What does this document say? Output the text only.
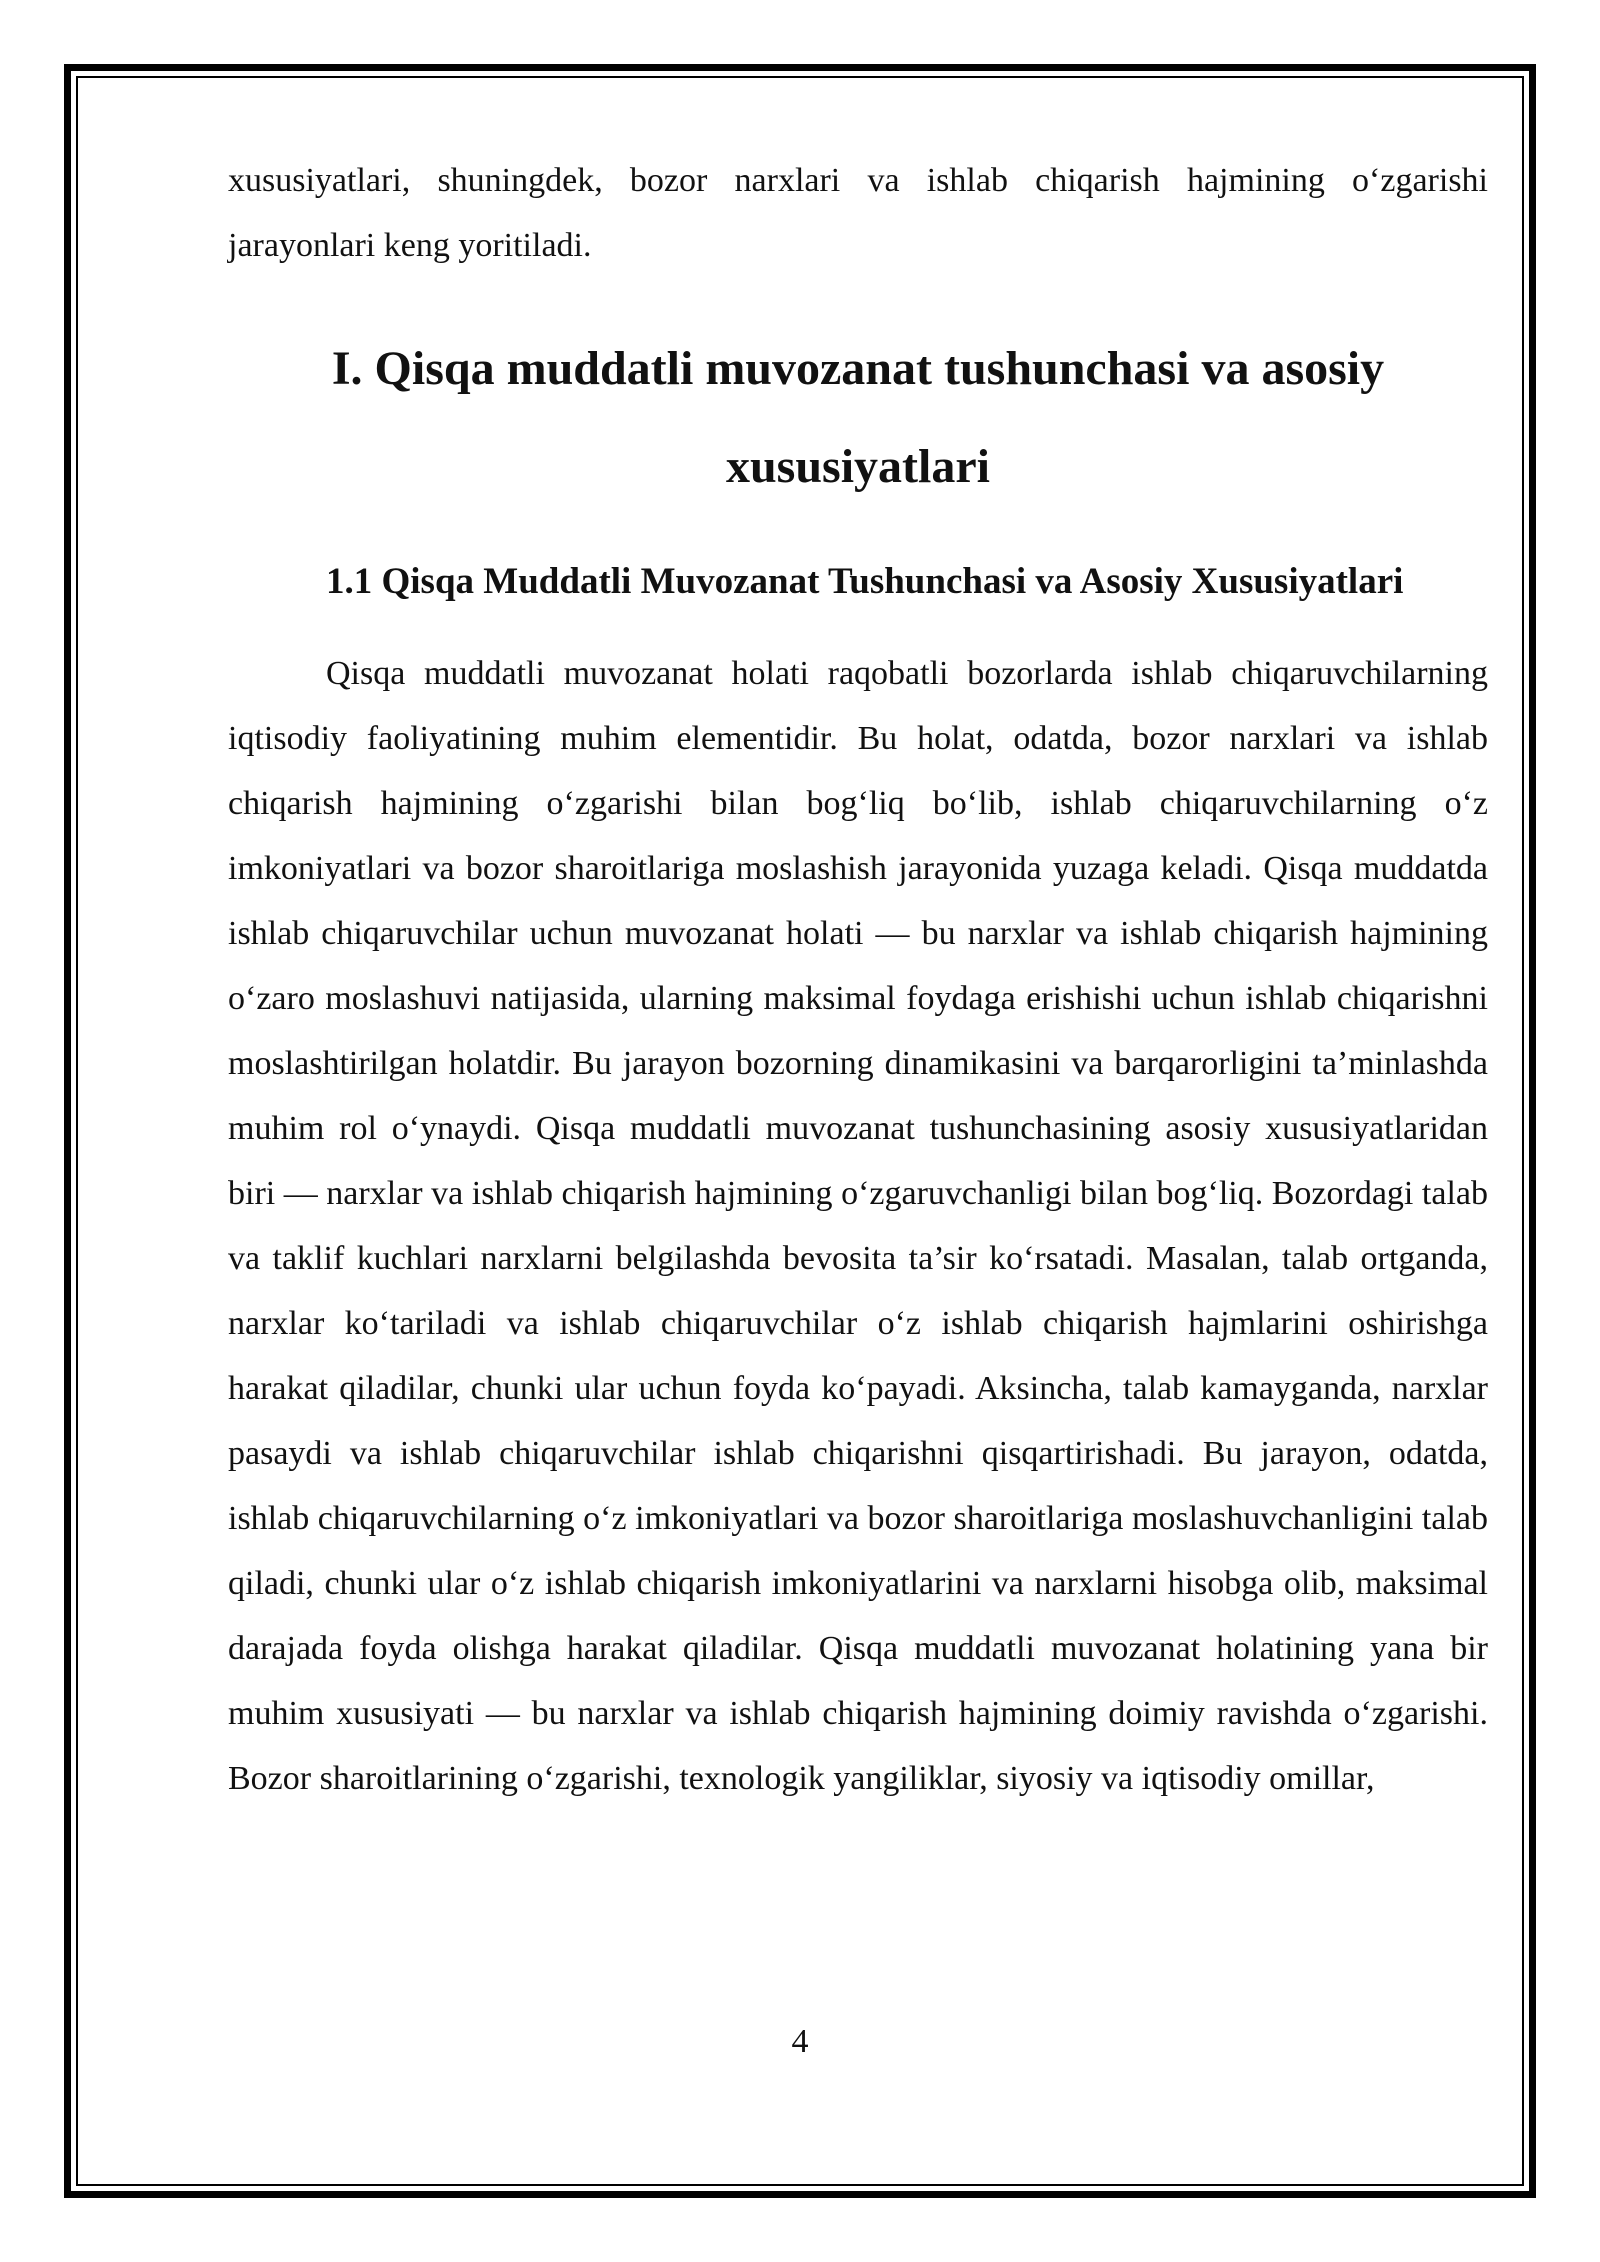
xususiyatlari, shuningdek, bozor narxlari va ishlab chiqarish hajmining o‘zgarishi jarayonlari keng yoritiladi.

I. Qisqa muddatli muvozanat tushunchasi va asosiy xususiyatlari
1.1 Qisqa Muddatli Muvozanat Tushunchasi va Asosiy Xususiyatlari

Qisqa muddatli muvozanat holati raqobatli bozorlarda ishlab chiqaruvchilarning iqtisodiy faoliyatining muhim elementidir. Bu holat, odatda, bozor narxlari va ishlab chiqarish hajmining o‘zgarishi bilan bog‘liq bo‘lib, ishlab chiqaruvchilarning o‘z imkoniyatlari va bozor sharoitlariga moslashish jarayonida yuzaga keladi. Qisqa muddatda ishlab chiqaruvchilar uchun muvozanat holati — bu narxlar va ishlab chiqarish hajmining o‘zaro moslashuvi natijasida, ularning maksimal foydaga erishishi uchun ishlab chiqarishni moslashtirilgan holatdir. Bu jarayon bozorning dinamikasini va barqarorligini ta’minlashda muhim rol o‘ynaydi. Qisqa muddatli muvozanat tushunchasining asosiy xususiyatlaridan biri — narxlar va ishlab chiqarish hajmining o‘zgaruvchanligi bilan bog‘liq. Bozordagi talab va taklif kuchlari narxlarni belgilashda bevosita ta’sir ko‘rsatadi. Masalan, talab ortganda, narxlar ko‘tariladi va ishlab chiqaruvchilar o‘z ishlab chiqarish hajmlarini oshirishga harakat qiladilar, chunki ular uchun foyda ko‘payadi. Aksincha, talab kamayganda, narxlar pasaydi va ishlab chiqaruvchilar ishlab chiqarishni qisqartirishadi. Bu jarayon, odatda, ishlab chiqaruvchilarning o‘z imkoniyatlari va bozor sharoitlariga moslashuvchanligini talab qiladi, chunki ular o‘z ishlab chiqarish imkoniyatlarini va narxlarni hisobga olib, maksimal darajada foyda olishga harakat qiladilar. Qisqa muddatli muvozanat holatining yana bir muhim xususiyati — bu narxlar va ishlab chiqarish hajmining doimiy ravishda o‘zgarishi. Bozor sharoitlarining o‘zgarishi, texnologik yangiliklar, siyosiy va iqtisodiy omillar,

4
